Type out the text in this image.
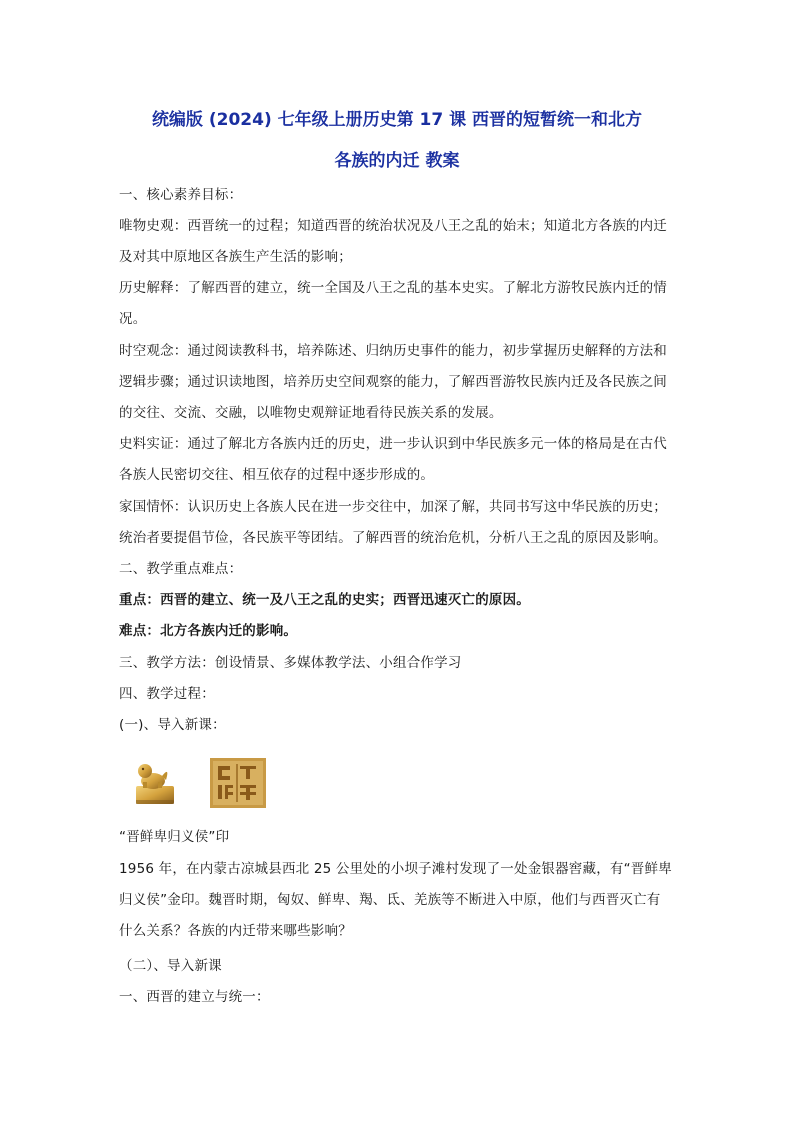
统编版 (2024) 七年级上册历史第 17 课 西晋的短暂统一和北方
各族的内迁 教案
一、核心素养目标：
唯物史观：西晋统一的过程；知道西晋的统治状况及八王之乱的始末；知道北方各族的内迁
及对其中原地区各族生产生活的影响；
历史解释：了解西晋的建立，统一全国及八王之乱的基本史实。了解北方游牧民族内迁的情
况。
时空观念：通过阅读教科书，培养陈述、归纳历史事件的能力，初步掌握历史解释的方法和
逻辑步骤；通过识读地图，培养历史空间观察的能力，了解西晋游牧民族内迁及各民族之间
的交往、交流、交融，以唯物史观辩证地看待民族关系的发展。
史料实证：通过了解北方各族内迁的历史，进一步认识到中华民族多元一体的格局是在古代
各族人民密切交往、相互依存的过程中逐步形成的。
家国情怀：认识历史上各族人民在进一步交往中，加深了解，共同书写这中华民族的历史；
统治者要提倡节俭，各民族平等团结。了解西晋的统治危机，分析八王之乱的原因及影响。
二、教学重点难点：
重点：西晋的建立、统一及八王之乱的史实；西晋迅速灭亡的原因。
难点：北方各族内迁的影响。
三、教学方法：创设情景、多媒体教学法、小组合作学习
四、教学过程：
(一)、导入新课：
“晋鲜卑归义侯”印
1956 年，在内蒙古凉城县西北 25 公里处的小坝子滩村发现了一处金银器窖藏，有“晋鲜卑
归义侯”金印。魏晋时期，匈奴、鲜卑、羯、氐、羌族等不断进入中原，他们与西晋灭亡有
什么关系？各族的内迁带来哪些影响？
（二）、导入新课
一、西晋的建立与统一：
